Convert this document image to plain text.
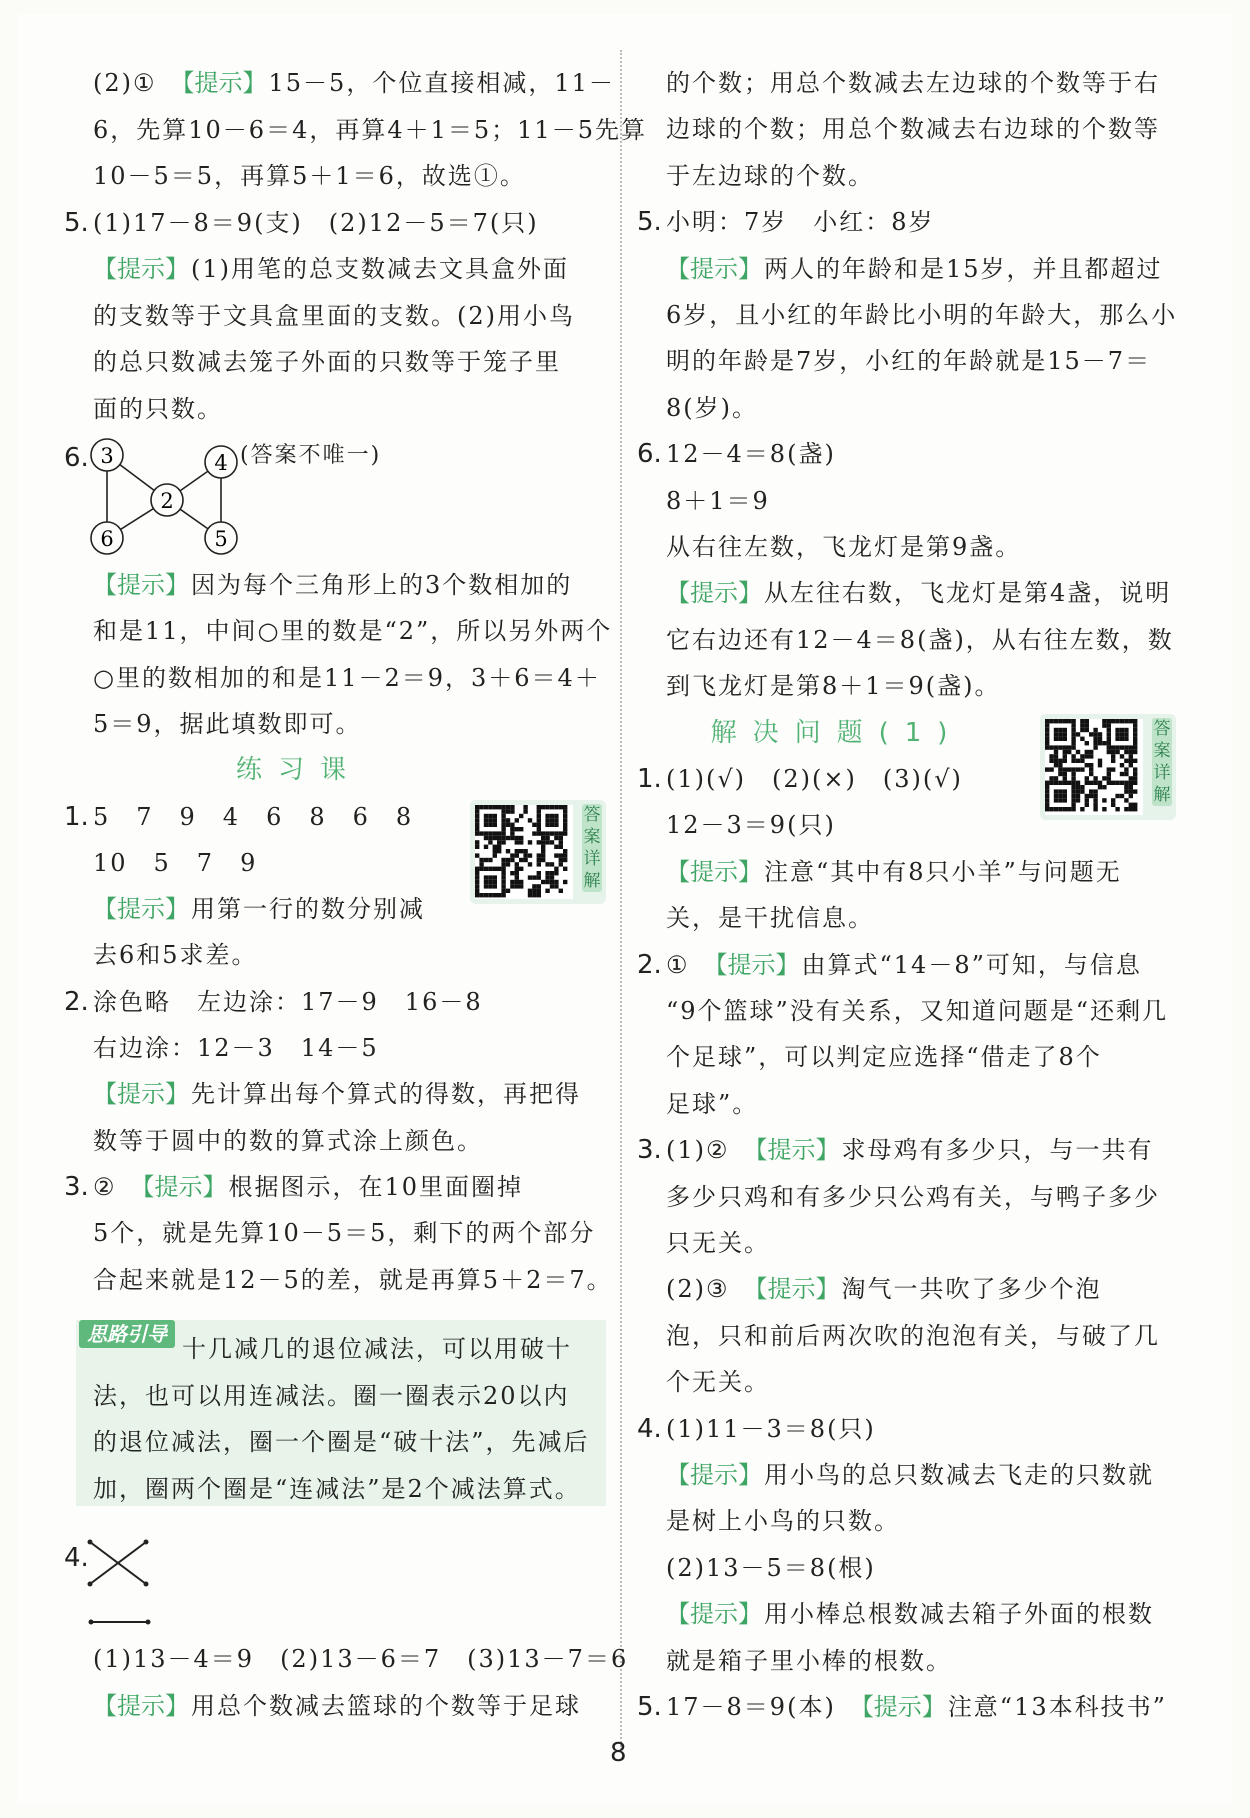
(2)① 【提示】15－5，个位直接相减，11－
6，先算10－6＝4，再算4＋1＝5；11－5先算
10－5＝5，再算5＋1＝6，故选①。
5. (1)17－8＝9(支)　(2)12－5＝7(只)
【提示】(1)用笔的总支数减去文具盒外面
的支数等于文具盒里面的支数。(2)用小鸟
的总只数减去笼子外面的只数等于笼子里
面的只数。
【提示】因为每个三角形上的3个数相加的
和是11，中间○里的数是“2”，所以另外两个
○里的数相加的和是11－2＝9，3＋6＝4＋
5＝9，据此填数即可。
练习课
1. 5　7　9　4　6　8　6　8
10　5　7　9
【提示】用第一行的数分别减
去6和5求差。
2. 涂色略　左边涂：17－9　16－8
右边涂：12－3　14－5
【提示】先计算出每个算式的得数，再把得
数等于圆中的数的算式涂上颜色。
3. ② 【提示】根据图示，在10里面圈掉
5个，就是先算10－5＝5，剩下的两个部分
合起来就是12－5的差，就是再算5＋2＝7。
(1)13－4＝9　(2)13－6＝7　(3)13－7＝6
【提示】用总个数减去篮球的个数等于足球
的个数；用总个数减去左边球的个数等于右
边球的个数；用总个数减去右边球的个数等
于左边球的个数。
5. 小明：7岁　小红：8岁
【提示】两人的年龄和是15岁，并且都超过
6岁，且小红的年龄比小明的年龄大，那么小
明的年龄是7岁，小红的年龄就是15－7＝
8(岁)。
6. 12－4＝8(盏)
8＋1＝9
从右往左数，飞龙灯是第9盏。
【提示】从左往右数，飞龙灯是第4盏，说明
它右边还有12－4＝8(盏)，从右往左数，数
到飞龙灯是第8＋1＝9(盏)。
解决问题(1)
1. (1)(√)　(2)(×)　(3)(√)
12－3＝9(只)
【提示】注意“其中有8只小羊”与问题无
关，是干扰信息。
2. ① 【提示】由算式“14－8”可知，与信息
“9个篮球”没有关系，又知道问题是“还剩几
个足球”，可以判定应选择“借走了8个
足球”。
3. (1)② 【提示】求母鸡有多少只，与一共有
多少只鸡和有多少只公鸡有关，与鸭子多少
只无关。
(2)③ 【提示】淘气一共吹了多少个泡
泡，只和前后两次吹的泡泡有关，与破了几
个无关。
4. (1)11－3＝8(只)
【提示】用小鸟的总只数减去飞走的只数就
是树上小鸟的只数。
(2)13－5＝8(根)
【提示】用小棒总根数减去箱子外面的根数
就是箱子里小棒的根数。
5. 17－8＝9(本) 【提示】注意“13本科技书”
6. 3	4
2
6	5
(答案不唯一)
思路引导
十几减几的退位减法，可以用破十
法，也可以用连减法。圈一圈表示20以内
的退位减法，圈一个圈是“破十法”，先减后
加，圈两个圈是“连减法”是2个减法算式。
4.
答案详解
答案详解
8
